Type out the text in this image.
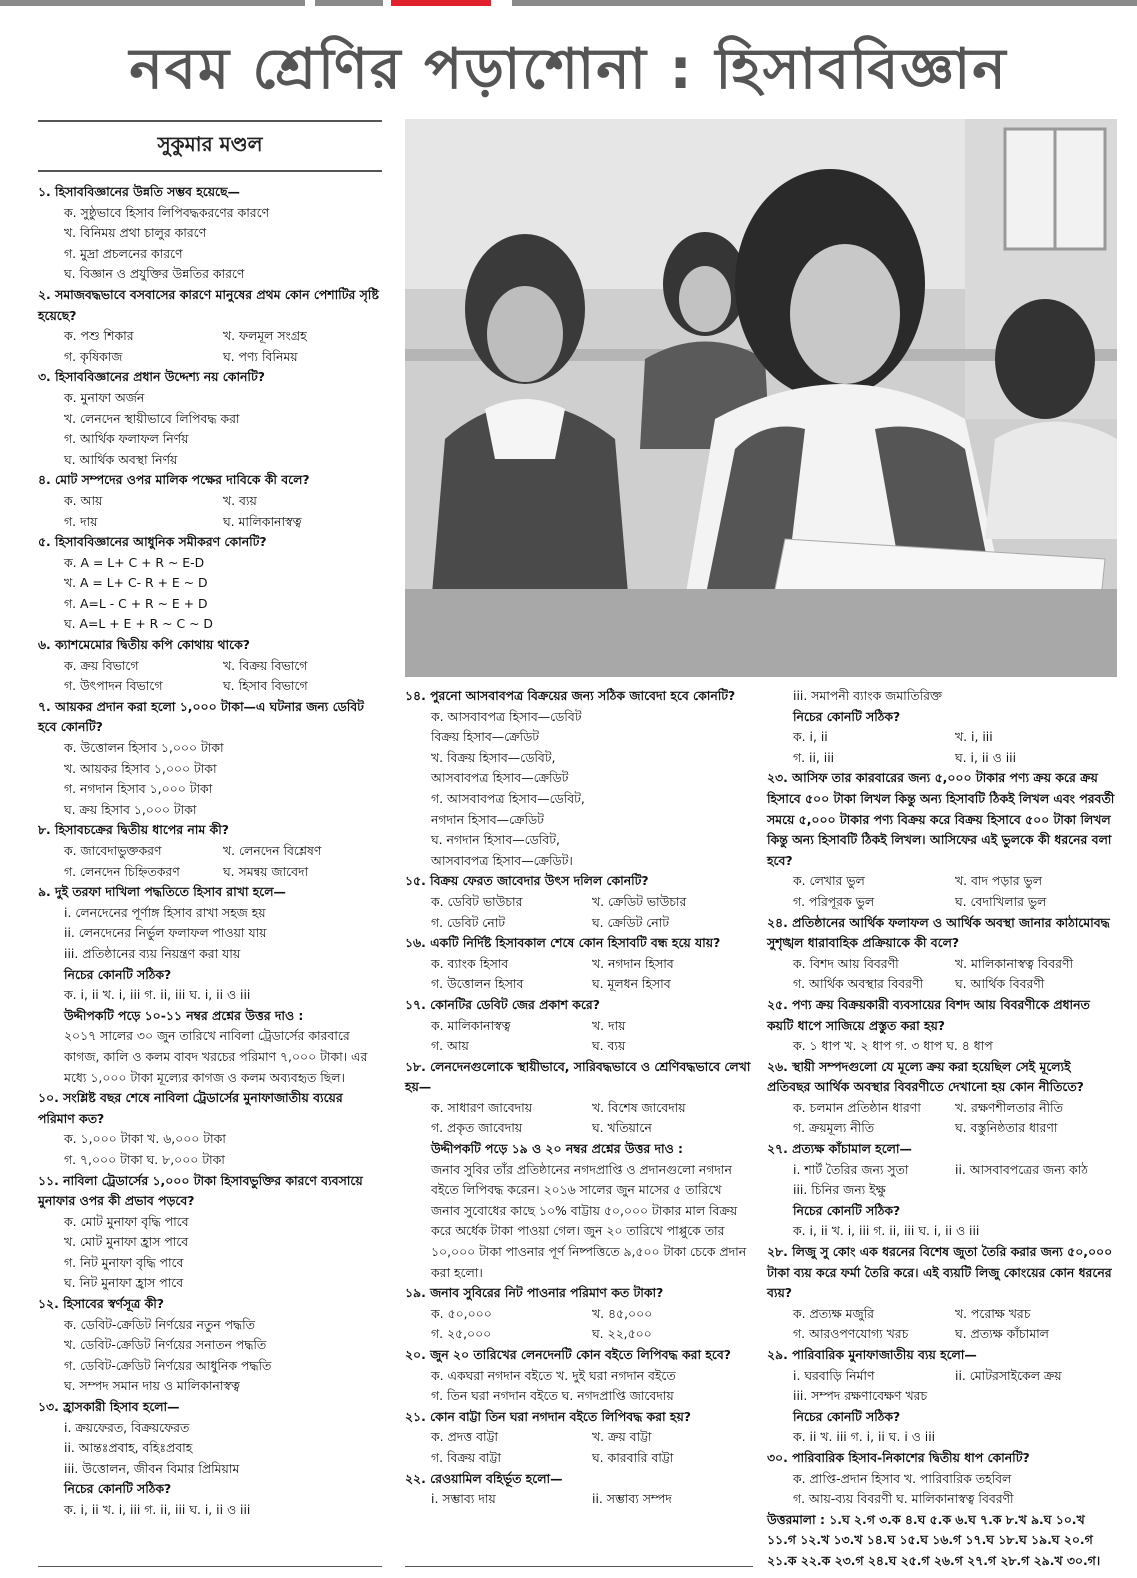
নবম শ্রেণির পড়াশোনা : হিসাববিজ্ঞান
সুকুমার মণ্ডল
১. হিসাববিজ্ঞানের উন্নতি সম্ভব হয়েছে—
ক. সুষ্ঠুভাবে হিসাব লিপিবদ্ধকরণের কারণে
খ. বিনিময় প্রথা চালুর কারণে
গ. মুদ্রা প্রচলনের কারণে
ঘ. বিজ্ঞান ও প্রযুক্তির উন্নতির কারণে
২. সমাজবদ্ধভাবে বসবাসের কারণে মানুষের প্রথম কোন পেশাটির সৃষ্টি হয়েছে?
ক. পশু শিকার	খ. ফলমূল সংগ্রহ
গ. কৃষিকাজ	ঘ. পণ্য বিনিময়
৩. হিসাববিজ্ঞানের প্রধান উদ্দেশ্য নয় কোনটি?
ক. মুনাফা অর্জন
খ. লেনদেন স্থায়ীভাবে লিপিবদ্ধ করা
গ. আর্থিক ফলাফল নির্ণয়
ঘ. আর্থিক অবস্থা নির্ণয়
৪. মোট সম্পদের ওপর মালিক পক্ষের দাবিকে কী বলে?
ক. আয়	খ. ব্যয়
গ. দায়	ঘ. মালিকানাস্বত্ব
৫. হিসাববিজ্ঞানের আধুনিক সমীকরণ কোনটি?
ক. A = L+ C + R ~ E-D
খ. A = L+ C- R + E ~ D
গ. A=L - C + R ~ E + D
ঘ. A=L + E + R ~ C ~ D
৬. ক্যাশমেমোর দ্বিতীয় কপি কোথায় থাকে?
ক. ক্রয় বিভাগে	খ. বিক্রয় বিভাগে
গ. উৎপাদন বিভাগে	ঘ. হিসাব বিভাগে
৭. আয়কর প্রদান করা হলো ১,০০০ টাকা—এ ঘটনার জন্য ডেবিট হবে কোনটি?
ক. উত্তোলন হিসাব ১,০০০ টাকা
খ. আয়কর হিসাব ১,০০০ টাকা
গ. নগদান হিসাব ১,০০০ টাকা
ঘ. ক্রয় হিসাব ১,০০০ টাকা
৮. হিসাবচক্রের দ্বিতীয় ধাপের নাম কী?
ক. জাবেদাভুক্তকরণ	খ. লেনদেন বিশ্লেষণ
গ. লেনদেন চিহ্নিতকরণ	ঘ. সমন্বয় জাবেদা
৯. দুই তরফা দাখিলা পদ্ধতিতে হিসাব রাখা হলে—
i. লেনদেনের পূর্ণাঙ্গ হিসাব রাখা সহজ হয়
ii. লেনদেনের নির্ভুল ফলাফল পাওয়া যায়
iii. প্রতিষ্ঠানের ব্যয় নিয়ন্ত্রণ করা যায়
নিচের কোনটি সঠিক?
ক. i, ii খ. i, iii গ. ii, iii ঘ. i, ii ও iii
উদ্দীপকটি পড়ে ১০-১১ নম্বর প্রশ্নের উত্তর দাও :
২০১৭ সালের ৩০ জুন তারিখে নাবিলা ট্রেডার্সের কারবারে কাগজ, কালি ও কলম বাবদ খরচের পরিমাণ ৭,০০০ টাকা। এর মধ্যে ১,০০০ টাকা মূল্যের কাগজ ও কলম অব্যবহৃত ছিল।
১০. সংশ্লিষ্ট বছর শেষে নাবিলা ট্রেডার্সের মুনাফাজাতীয় ব্যয়ের পরিমাণ কত?
ক. ১,০০০ টাকা খ. ৬,০০০ টাকা
গ. ৭,০০০ টাকা ঘ. ৮,০০০ টাকা
১১. নাবিলা ট্রেডার্সের ১,০০০ টাকা হিসাবভুক্তির কারণে ব্যবসায়ে মুনাফার ওপর কী প্রভাব পড়বে?
ক. মোট মুনাফা বৃদ্ধি পাবে
খ. মোট মুনাফা হ্রাস পাবে
গ. নিট মুনাফা বৃদ্ধি পাবে
ঘ. নিট মুনাফা হ্রাস পাবে
১২. হিসাবের স্বর্ণসূত্র কী?
ক. ডেবিট-ক্রেডিট নির্ণয়ের নতুন পদ্ধতি
খ. ডেবিট-ক্রেডিট নির্ণয়ের সনাতন পদ্ধতি
গ. ডেবিট-ক্রেডিট নির্ণয়ের আধুনিক পদ্ধতি
ঘ. সম্পদ সমান দায় ও মালিকানাস্বত্ব
১৩. হ্রাসকারী হিসাব হলো—
i. ক্রয়ফেরত, বিক্রয়ফেরত
ii. আন্তঃপ্রবাহ, বহিঃপ্রবাহ
iii. উত্তোলন, জীবন বিমার প্রিমিয়াম
নিচের কোনটি সঠিক?
ক. i, ii খ. i, iii গ. ii, iii ঘ. i, ii ও iii
১৪. পুরনো আসবাবপত্র বিক্রয়ের জন্য সঠিক জাবেদা হবে কোনটি?
ক. আসবাবপত্র হিসাব—ডেবিট
বিক্রয় হিসাব—ক্রেডিট
খ. বিক্রয় হিসাব—ডেবিট,
আসবাবপত্র হিসাব—ক্রেডিট
গ. আসবাবপত্র হিসাব—ডেবিট,
নগদান হিসাব—ক্রেডিট
ঘ. নগদান হিসাব—ডেবিট,
আসবাবপত্র হিসাব—ক্রেডিট।
১৫. বিক্রয় ফেরত জাবেদার উৎস দলিল কোনটি?
ক. ডেবিট ভাউচার	খ. ক্রেডিট ভাউচার
গ. ডেবিট নোট	ঘ. ক্রেডিট নোট
১৬. একটি নির্দিষ্ট হিসাবকাল শেষে কোন হিসাবটি বন্ধ হয়ে যায়?
ক. ব্যাংক হিসাব	খ. নগদান হিসাব
গ. উত্তোলন হিসাব	ঘ. মূলধন হিসাব
১৭. কোনটির ডেবিট জের প্রকাশ করে?
ক. মালিকানাস্বত্ব	খ. দায়
গ. আয়	ঘ. ব্যয়
১৮. লেনদেনগুলোকে স্থায়ীভাবে, সারিবদ্ধভাবে ও শ্রেণিবদ্ধভাবে লেখা হয়—
ক. সাধারণ জাবেদায়	খ. বিশেষ জাবেদায়
গ. প্রকৃত জাবেদায়	ঘ. খতিয়ানে
উদ্দীপকটি পড়ে ১৯ ও ২০ নম্বর প্রশ্নের উত্তর দাও :
জনাব সুবির তাঁর প্রতিষ্ঠানের নগদপ্রাপ্তি ও প্রদানগুলো নগদান বইতে লিপিবদ্ধ করেন। ২০১৬ সালের জুন মাসের ৫ তারিখে জনাব সুবোধের কাছে ১০% বাট্টায় ৫০,০০০ টাকার মাল বিক্রয় করে অর্ধেক টাকা পাওয়া গেল। জুন ২০ তারিখে পাপ্পুকে তার ১০,০০০ টাকা পাওনার পূর্ণ নিষ্পত্তিতে ৯,৫০০ টাকা চেকে প্রদান করা হলো।
১৯. জনাব সুবিরের নিট পাওনার পরিমাণ কত টাকা?
ক. ৫০,০০০	খ. ৪৫,০০০
গ. ২৫,০০০	ঘ. ২২,৫০০
২০. জুন ২০ তারিখের লেনদেনটি কোন বইতে লিপিবদ্ধ করা হবে?
ক. একঘরা নগদান বইতে খ. দুই ঘরা নগদান বইতে
গ. তিন ঘরা নগদান বইতে ঘ. নগদপ্রাপ্তি জাবেদায়
২১. কোন বাট্টা তিন ঘরা নগদান বইতে লিপিবদ্ধ করা হয়?
ক. প্রদত্ত বাট্টা	খ. ক্রয় বাট্টা
গ. বিক্রয় বাট্টা	ঘ. কারবারি বাট্টা
২২. রেওয়ামিল বহির্ভূত হলো—
i. সম্ভাব্য দায়	ii. সম্ভাব্য সম্পদ
iii. সমাপনী ব্যাংক জমাতিরিক্ত
নিচের কোনটি সঠিক?
ক. i, ii	খ. i, iii
গ. ii, iii	ঘ. i, ii ও iii
২৩. আসিফ তার কারবারের জন্য ৫,০০০ টাকার পণ্য ক্রয় করে ক্রয় হিসাবে ৫০০ টাকা লিখল কিন্তু অন্য হিসাবটি ঠিকই লিখল এবং পরবর্তী সময়ে ৫,০০০ টাকার পণ্য বিক্রয় করে বিক্রয় হিসাবে ৫০০ টাকা লিখল কিন্তু অন্য হিসাবটি ঠিকই লিখল। আসিফের এই ভুলকে কী ধরনের বলা হবে?
ক. লেখার ভুল	খ. বাদ পড়ার ভুল
গ. পরিপূরক ভুল	ঘ. বেদাখিলার ভুল
২৪. প্রতিষ্ঠানের আর্থিক ফলাফল ও আর্থিক অবস্থা জানার কাঠামোবদ্ধ সুশৃঙ্খল ধারাবাহিক প্রক্রিয়াকে কী বলে?
ক. বিশদ আয় বিবরণী	খ. মালিকানাস্বত্ব বিবরণী
গ. আর্থিক অবস্থার বিবরণী	ঘ. আর্থিক বিবরণী
২৫. পণ্য ক্রয় বিক্রয়কারী ব্যবসায়ের বিশদ আয় বিবরণীকে প্রধানত কয়টি ধাপে সাজিয়ে প্রস্তুত করা হয়?
ক. ১ ধাপ খ. ২ ধাপ গ. ৩ ধাপ ঘ. ৪ ধাপ
২৬. স্থায়ী সম্পদগুলো যে মূল্যে ক্রয় করা হয়েছিল সেই মূল্যেই প্রতিবছর আর্থিক অবস্থার বিবরণীতে দেখানো হয় কোন নীতিতে?
ক. চলমান প্রতিষ্ঠান ধারণা	খ. রক্ষণশীলতার নীতি
গ. ক্রয়মূল্য নীতি	ঘ. বস্তুনিষ্ঠতার ধারণা
২৭. প্রত্যক্ষ কাঁচামাল হলো—
i. শার্ট তৈরির জন্য সুতা	ii. আসবাবপত্রের জন্য কাঠ
iii. চিনির জন্য ইক্ষু
নিচের কোনটি সঠিক?
ক. i, ii খ. i, iii গ. ii, iii ঘ. i, ii ও iii
২৮. লিজু সু কোং এক ধরনের বিশেষ জুতা তৈরি করার জন্য ৫০,০০০ টাকা ব্যয় করে ফর্মা তৈরি করে। এই ব্যয়টি লিজু কোংয়ের কোন ধরনের ব্যয়?
ক. প্রত্যক্ষ মজুরি	খ. পরোক্ষ খরচ
গ. আরওপণযোগ্য খরচ	ঘ. প্রত্যক্ষ কাঁচামাল
২৯. পারিবারিক মুনাফাজাতীয় ব্যয় হলো—
i. ঘরবাড়ি নির্মাণ	ii. মোটরসাইকেল ক্রয়
iii. সম্পদ রক্ষণাবেক্ষণ খরচ
নিচের কোনটি সঠিক?
ক. ii খ. iii গ. i, ii ঘ. i ও iii
৩০. পারিবারিক হিসাব-নিকাশের দ্বিতীয় ধাপ কোনটি?
ক. প্রাপ্তি-প্রদান হিসাব খ. পারিবারিক তহবিল
গ. আয়-ব্যয় বিবরণী ঘ. মালিকানাস্বত্ব বিবরণী
উত্তরমালা : ১.ঘ ২.গ ৩.ক ৪.ঘ ৫.ক ৬.ঘ ৭.ক ৮.খ ৯.ঘ ১০.খ ১১.গ ১২.খ ১৩.খ ১৪.ঘ ১৫.ঘ ১৬.গ ১৭.ঘ ১৮.ঘ ১৯.ঘ ২০.গ ২১.ক ২২.ক ২৩.গ ২৪.ঘ ২৫.গ ২৬.গ ২৭.গ ২৮.গ ২৯.খ ৩০.গ।
